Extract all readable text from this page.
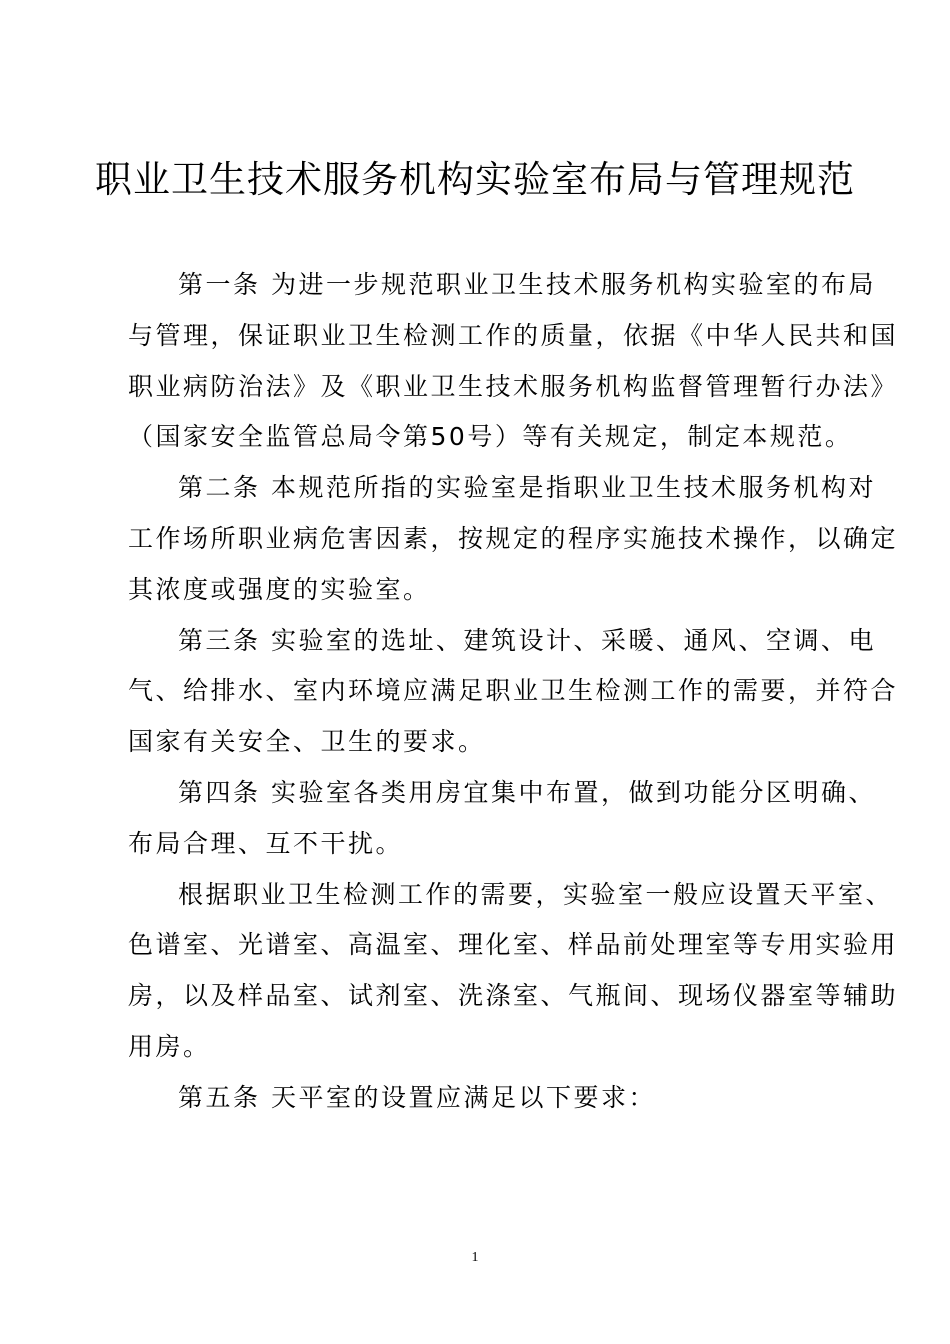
职业卫生技术服务机构实验室布局与管理规范

第一条 为进一步规范职业卫生技术服务机构实验室的布局
与管理，保证职业卫生检测工作的质量，依据《中华人民共和国
职业病防治法》及《职业卫生技术服务机构监督管理暂行办法》
（国家安全监管总局令第50号）等有关规定，制定本规范。

第二条 本规范所指的实验室是指职业卫生技术服务机构对
工作场所职业病危害因素，按规定的程序实施技术操作，以确定
其浓度或强度的实验室。

第三条 实验室的选址、建筑设计、采暖、通风、空调、电
气、给排水、室内环境应满足职业卫生检测工作的需要，并符合
国家有关安全、卫生的要求。

第四条 实验室各类用房宜集中布置，做到功能分区明确、
布局合理、互不干扰。

根据职业卫生检测工作的需要，实验室一般应设置天平室、
色谱室、光谱室、高温室、理化室、样品前处理室等专用实验用
房，以及样品室、试剂室、洗涤室、气瓶间、现场仪器室等辅助
用房。

第五条 天平室的设置应满足以下要求：

1
